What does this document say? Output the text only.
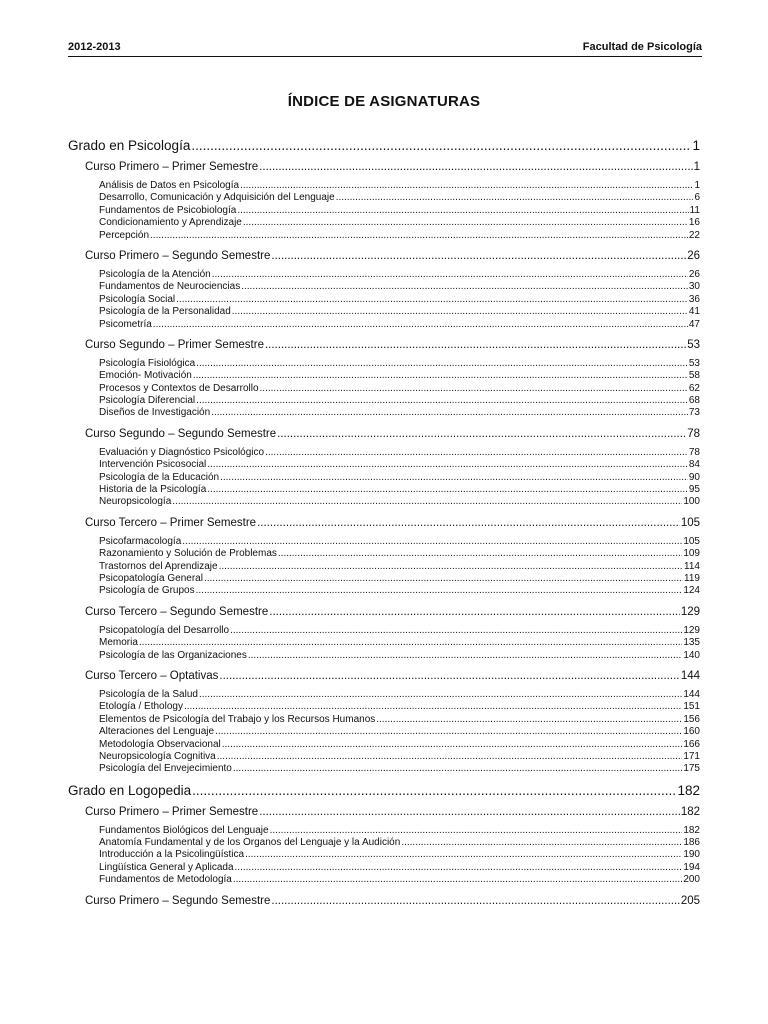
2012-2013	Facultad de Psicología
ÍNDICE DE ASIGNATURAS
Grado en Psicología .....	1
Curso Primero – Primer Semestre .....	1
Análisis de Datos en Psicología .....	1
Desarrollo, Comunicación y Adquisición del Lenguaje .....	6
Fundamentos de Psicobiología .....	11
Condicionamiento y Aprendizaje .....	16
Percepción .....	22
Curso Primero – Segundo Semestre .....	26
Psicología de la Atención .....	26
Fundamentos de Neurociencias .....	30
Psicología Social .....	36
Psicología de la Personalidad .....	41
Psicometría .....	47
Curso Segundo – Primer Semestre .....	53
Psicología Fisiológica .....	53
Emoción- Motivación .....	58
Procesos y Contextos de Desarrollo .....	62
Psicología Diferencial .....	68
Diseños de Investigación .....	73
Curso Segundo – Segundo Semestre .....	78
Evaluación y Diagnóstico Psicológico .....	78
Intervención Psicosocial .....	84
Psicología de la Educación .....	90
Historia de la Psicología .....	95
Neuropsicología .....	100
Curso Tercero – Primer Semestre .....	105
Psicofarmacología .....	105
Razonamiento y Solución de Problemas .....	109
Trastornos del Aprendizaje .....	114
Psicopatología General .....	119
Psicología de Grupos .....	124
Curso Tercero – Segundo Semestre .....	129
Psicopatología del Desarrollo .....	129
Memoria .....	135
Psicología de las Organizaciones .....	140
Curso Tercero – Optativas .....	144
Psicología de la Salud .....	144
Etología / Ethology .....	151
Elementos de Psicología del Trabajo y los Recursos Humanos .....	156
Alteraciones del Lenguaje .....	160
Metodología Observacional .....	166
Neuropsicología Cognitiva .....	171
Psicología del Envejecimiento .....	175
Grado en Logopedia .....	182
Curso Primero – Primer Semestre .....	182
Fundamentos Biológicos del Lenguaje .....	182
Anatomía Fundamental y de los Órganos del Lenguaje y la Audición .....	186
Introducción a la Psicolingüística .....	190
Lingüística General y Aplicada .....	194
Fundamentos de Metodología .....	200
Curso Primero – Segundo Semestre .....	205
